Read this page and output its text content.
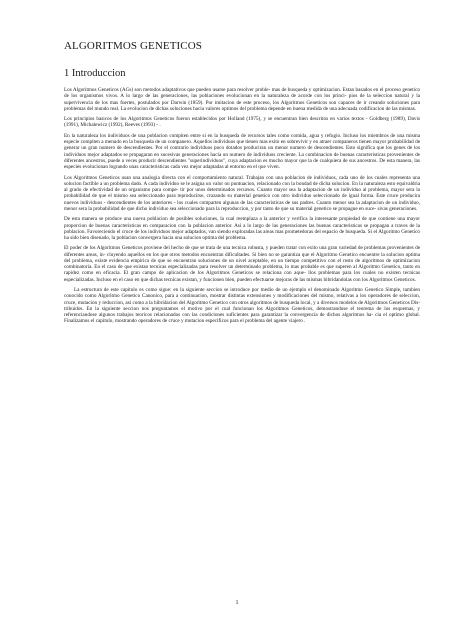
ALGORITMOS GENETICOS
1 Introduccion

Los Algoritmos Geneticos (AGs) son metodos adaptativos que pueden usarse para resolver proble- mas de busqueda y optimizacion. Estan basados en el proceso genetico de los organismos vivos. A lo largo de las generaciones, las poblaciones evolucionan en la naturaleza de acorde con los princi- pios de la seleccion natural y la supervivencia de los mas fuertes, postulados por Darwin (1859). Por imitacion de este proceso, los Algoritmos Geneticos son capaces de ir creando soluciones para problemas del mundo real. La evolucion de dichas soluciones hacia valores optimos del problema depende en buena medida de una adecuada codificacion de las mismas.

Los principios basicos de los Algoritmos Geneticos fueron establecidos por Holland (1975), y se encuentran bien descritos en varios textos - Goldberg (1989), Davis (1991), Michalewicz (1992), Reeves (1993) - .

En la naturaleza los individuos de una poblacion compiten entre si en la busqueda de recursos tales como comida, agua y refugio. Incluso los miembros de una misma especie compiten a menudo en la busqueda de un companero. Aquellos individuos que tienen mas exito en sobrevivir y en atraer companeros tienen mayor probabilidad de generar un gran numero de descendientes. Por el contrario individuos poco dotados produciran un menor numero de descendientes. Esto significa que los genes de los individuos mejor adaptados se propagaran en sucesivas generaciones hacia un numero de individuos creciente. La combinacion de buenas caracteristicas provenientes de diferentes ancestros, puede a veces producir descendientes "superindividuos", cuya adaptacion es mucho mayor que la de cualquiera de sus ancestros. De esta manera, las especies evolucionan logrando unas caracteristicas cada vez mejor adaptadas al entorno en el que viven.

Los Algoritmos Geneticos usan una analogia directa con el comportamiento natural. Trabajan con una poblacion de individuos, cada uno de los cuales representa una solucion factible a un problema dado. A cada individuo se le asigna un valor ou puntuacion, relacionado con la bondad de dicha solucion. En la naturaleza esto equivaldria al grado de efectividad de un organismo para compe- tir por unos determinados recursos. Cuanto mayor sea la adaptacion de un individuo al problema, mayor sera la probabilidad de que el mismo sea seleccionado para reproducirse, cruzando su material genetico con otro individuo seleccionado de igual forma. Este cruce producira nuevos individuos - descendientes de los anteriores - los cuales comparten algunas de las caracteristicas de sus padres. Cuanto menor sea la adaptacion de un individuo, menor sera la probabilidad de que dicho individuo sea seleccionado para la reproduccion, y por tanto de que su material genetico se propague en suce- sivas generaciones.

De esta manera se produce una nueva poblacion de posibles soluciones, la cual reemplaza a la anterior y verifica la interesante propiedad de que contiene una mayor proporcion de buenas caracteristicas en comparacion con la poblacion anterior. Asi a lo largo de las generaciones las buenas caracteristicas se propagan a traves de la poblacion. Favoreciendo el cruce de los individuos mejor adaptados, van siendo exploradas las areas mas prometedoras del espacio de busqueda. Si el Algoritmo Genetico ha sido bien disenado, la poblacion convergera hacia una solucion optima del problema.

El poder de los Algoritmos Geneticos proviene del hecho de que se trata de una tecnica robusta, y pueden tratar con exito una gran variedad de problemas provenientes de diferentes areas, in- cluyendo aquellos en los que otros metodos encuentran dificultades. Si bien no se garantiza que el Algoritmo Genetico encuentre la solucion optima del problema, existe evidencia empirica de que se encuentran soluciones de un nivel aceptable, en un tiempo competitivo con el resto de algoritmos de optimizacion combinatoria. En el caso de que existan tecnicas especializadas para resolver un determinado problema, lo mas probable es que superen al Algoritmo Genetico, tanto en rapidez como en eficacia. El gran campo de aplicacion de los Algoritmos Geneticos se relaciona con aque- llos problemas para los cuales no existen tecnicas especializadas. Incluso en el caso en que dichas tecnicas existan, y funcionen bien, pueden efectuarse mejoras de las mismas hibridandolas con los Algoritmos Geneticos.

La estructura de este capitulo es como sigue: en la siguiente seccion se introduce por medio de un ejemplo el denominado Algoritmo Genetico Simple, tambien conocido como Algoritmo Genetico Canonico, para a continuacion, mostrar distintas extensiones y modificaciones del mismo, relativas a los operadores de seleccion, cruce, mutacion y reduccion, asi como a la hibridacion del Algoritmo Genetico con otros algoritmos de busqueda local, y a diversos modelos de Algoritmos Geneticos Dis- tribuidos. En la siguiente seccion nos preguntamos el motivo por el cual funcionan los Algoritmos Geneticos, demostrandose el teorema de los esquemas, y referenciandose algunos trabajos teoricos relacionados con las condiciones suficientes para garantizar la convergencia de dichos algoritmos ha- cia el optimo global. Finalizamos el capitulo, mostrando operadores de cruce y mutacion especificos para el problema del agente viajero .

1
